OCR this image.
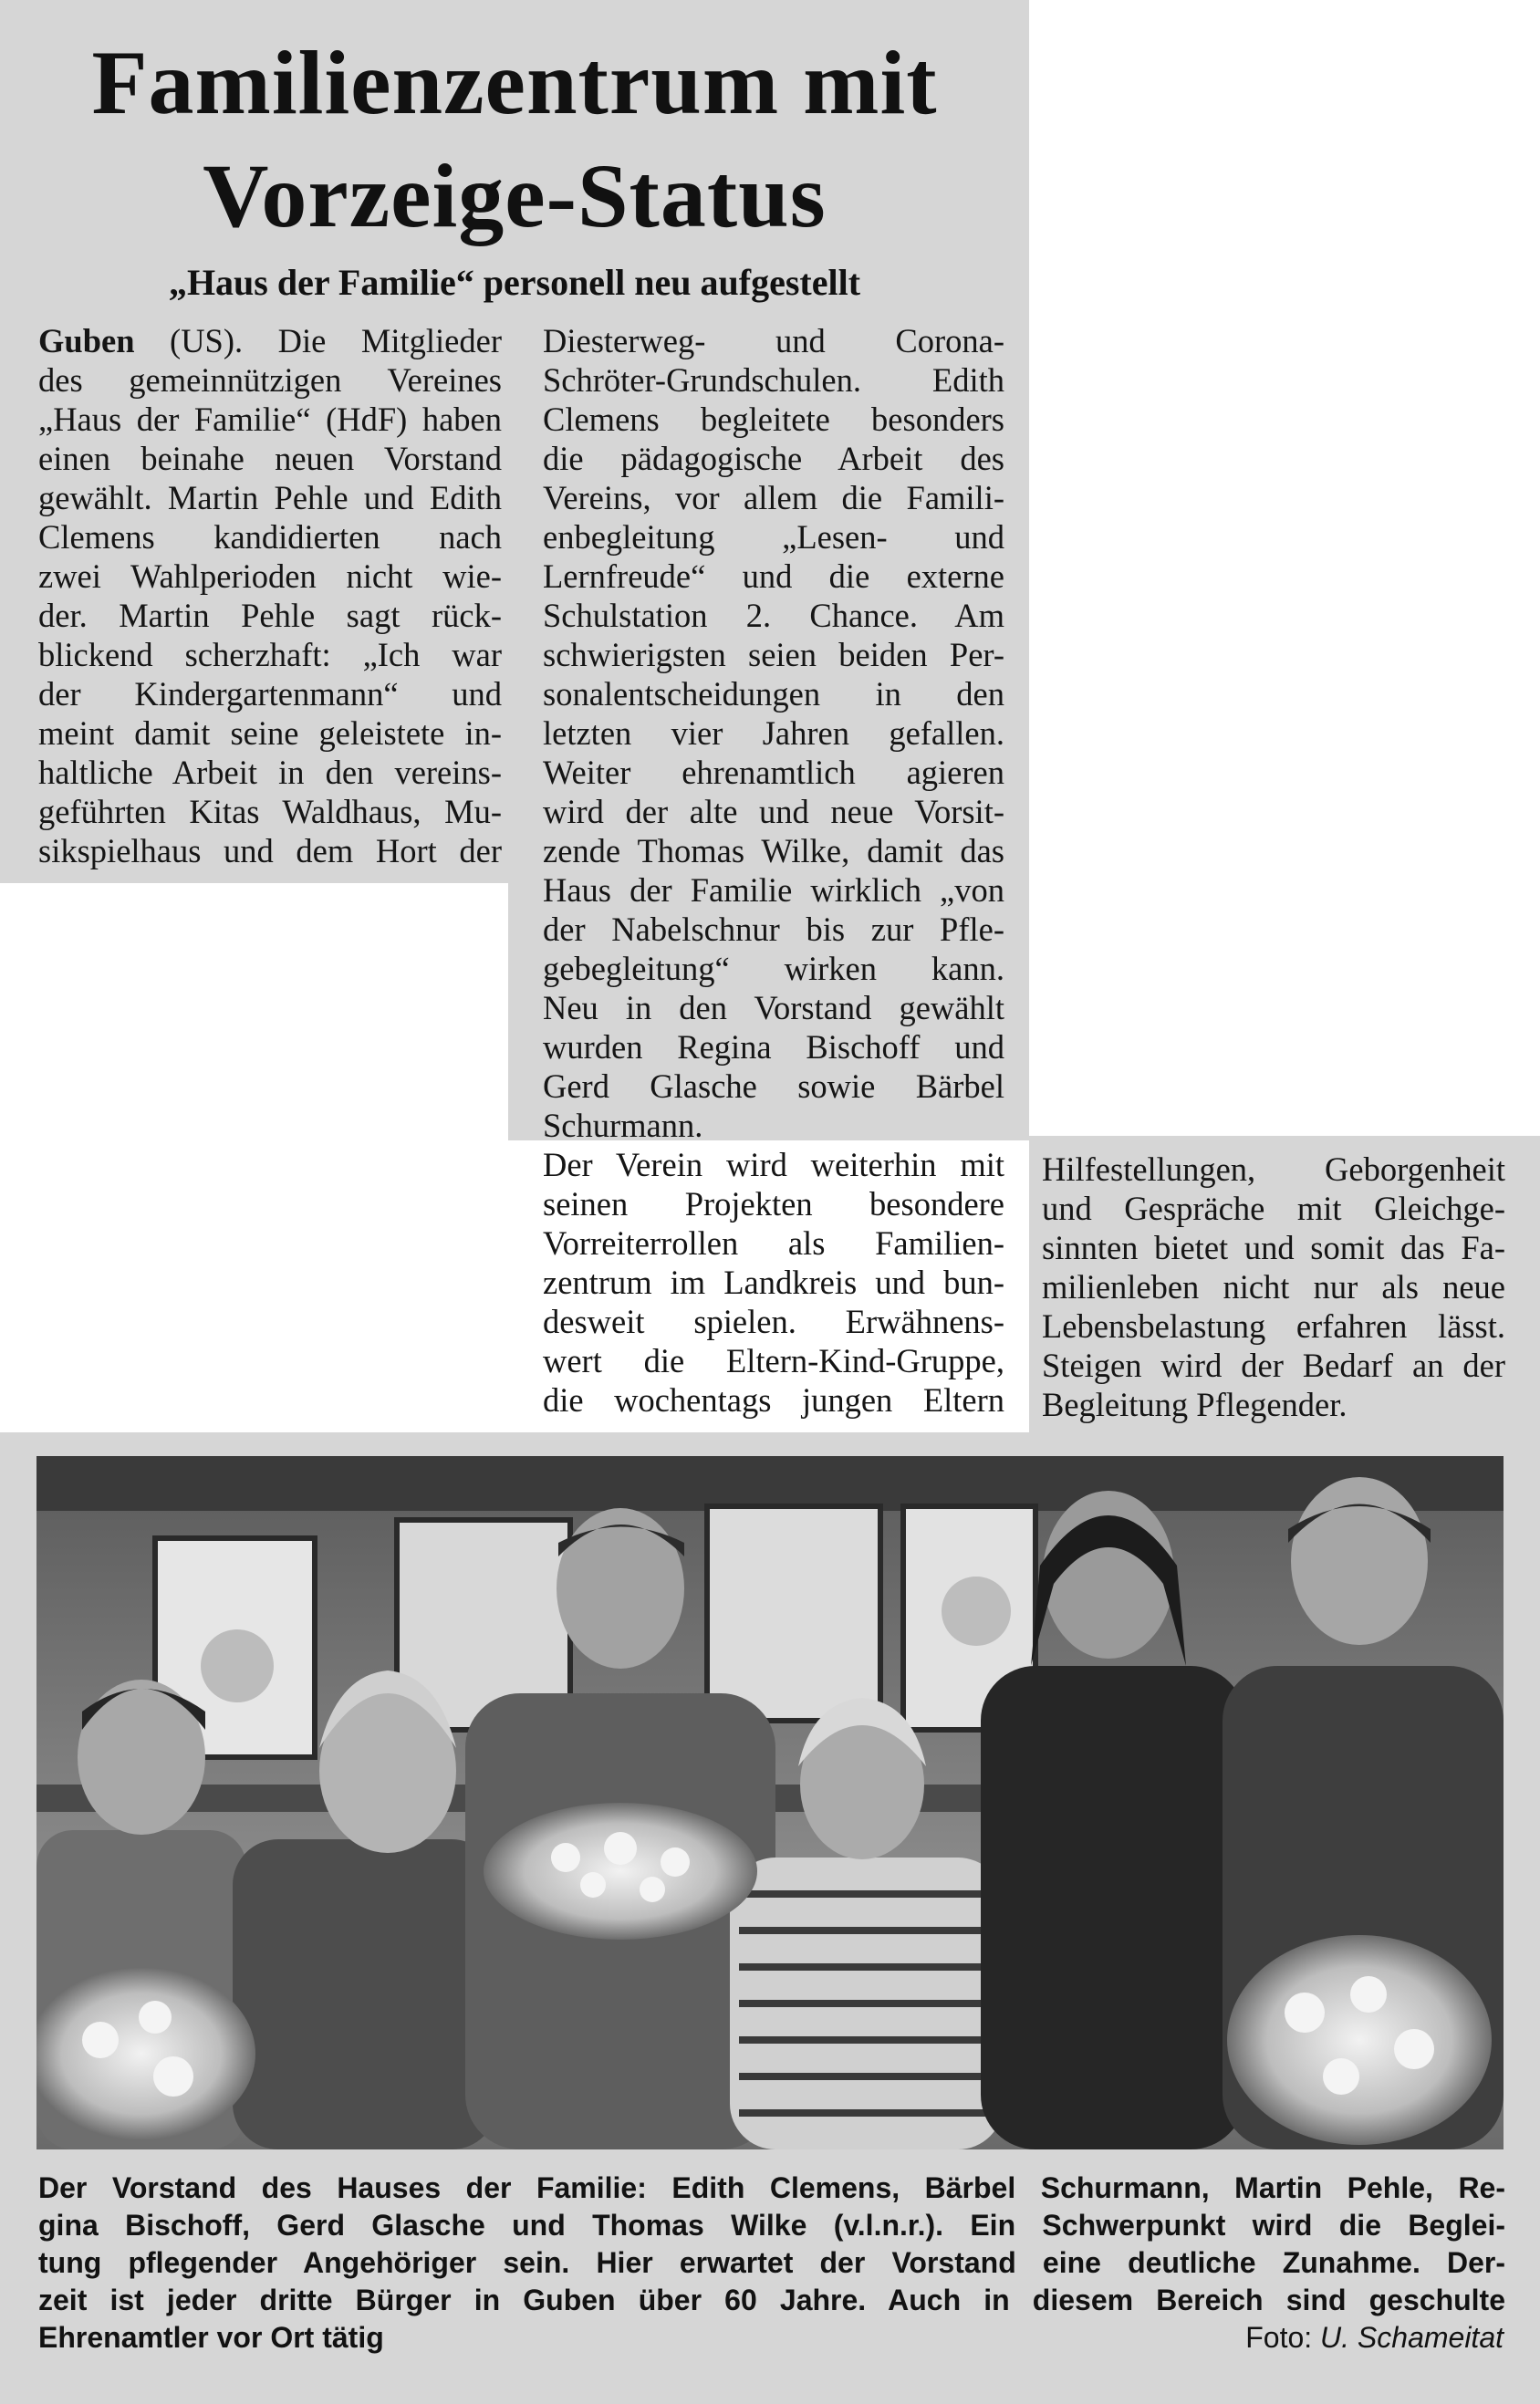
Familienzentrum mit
Vorzeige-Status
„Haus der Familie“ personell neu aufgestellt
Guben (US). Die Mitglieder
des gemeinnützigen Vereines
„Haus der Familie“ (HdF) haben
einen beinahe neuen Vorstand
gewählt. Martin Pehle und Edith
Clemens kandidierten nach
zwei Wahlperioden nicht wie-
der. Martin Pehle sagt rück-
blickend scherzhaft: „Ich war
der Kindergartenmann“ und
meint damit seine geleistete in-
haltliche Arbeit in den vereins-
geführten Kitas Waldhaus, Mu-
sikspielhaus und dem Hort der
Diesterweg- und Corona-
Schröter-Grundschulen. Edith
Clemens begleitete besonders
die pädagogische Arbeit des
Vereins, vor allem die Famili-
enbegleitung „Lesen- und
Lernfreude“ und die externe
Schulstation 2. Chance. Am
schwierigsten seien beiden Per-
sonalentscheidungen in den
letzten vier Jahren gefallen.
Weiter ehrenamtlich agieren
wird der alte und neue Vorsit-
zende Thomas Wilke, damit das
Haus der Familie wirklich „von
der Nabelschnur bis zur Pfle-
gebegleitung“ wirken kann.
Neu in den Vorstand gewählt
wurden Regina Bischoff und
Gerd Glasche sowie Bärbel
Schurmann.
Der Verein wird weiterhin mit
seinen Projekten besondere
Vorreiterrollen als Familien-
zentrum im Landkreis und bun-
desweit spielen. Erwähnens-
wert die Eltern-Kind-Gruppe,
die wochentags jungen Eltern
Hilfestellungen, Geborgenheit
und Gespräche mit Gleichge-
sinnten bietet und somit das Fa-
milienleben nicht nur als neue
Lebensbelastung erfahren lässt.
Steigen wird der Bedarf an der
Begleitung Pflegender.
Der Vorstand des Hauses der Familie: Edith Clemens, Bärbel Schurmann, Martin Pehle, Re-
gina Bischoff, Gerd Glasche und Thomas Wilke (v.l.n.r.). Ein Schwerpunkt wird die Beglei-
tung pflegender Angehöriger sein. Hier erwartet der Vorstand eine deutliche Zunahme. Der-
zeit ist jeder dritte Bürger in Guben über 60 Jahre. Auch in diesem Bereich sind geschulte
Ehrenamtler vor Ort tätig	Foto: U. Schameitat
